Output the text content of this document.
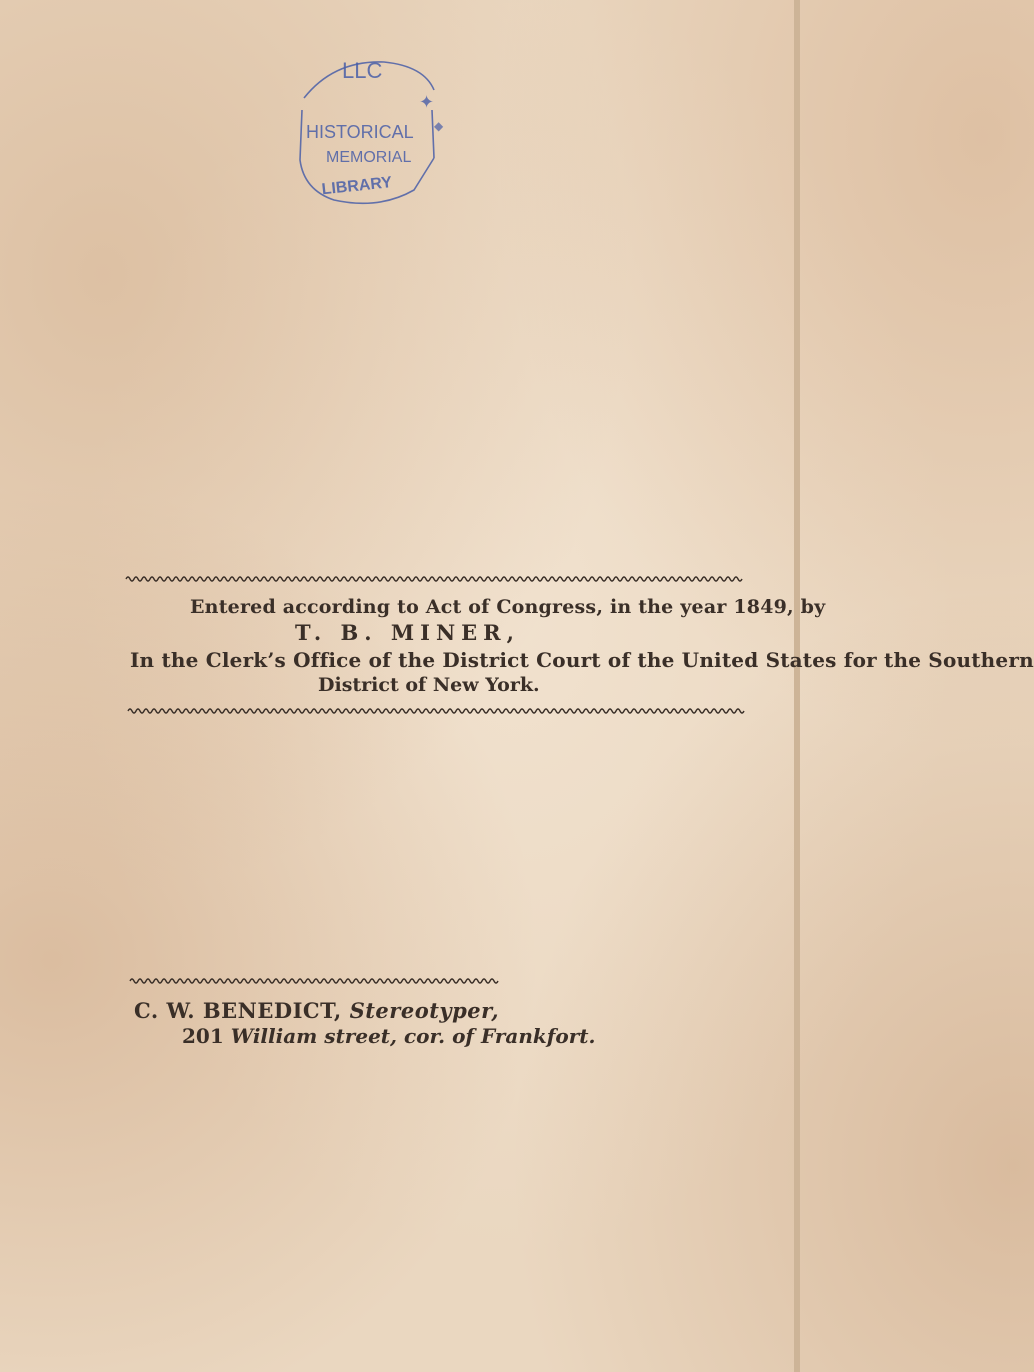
LLC
✦
◆
HISTORICAL
MEMORIAL
LIBRARY
Entered according to Act of Congress, in the year 1849, by
T. B. MINER,
In the Clerk’s Office of the District Court of the United States for the Southern
District of New York.
C. W. BENEDICT, Stereotyper,
201 William street, cor. of Frankfort.
